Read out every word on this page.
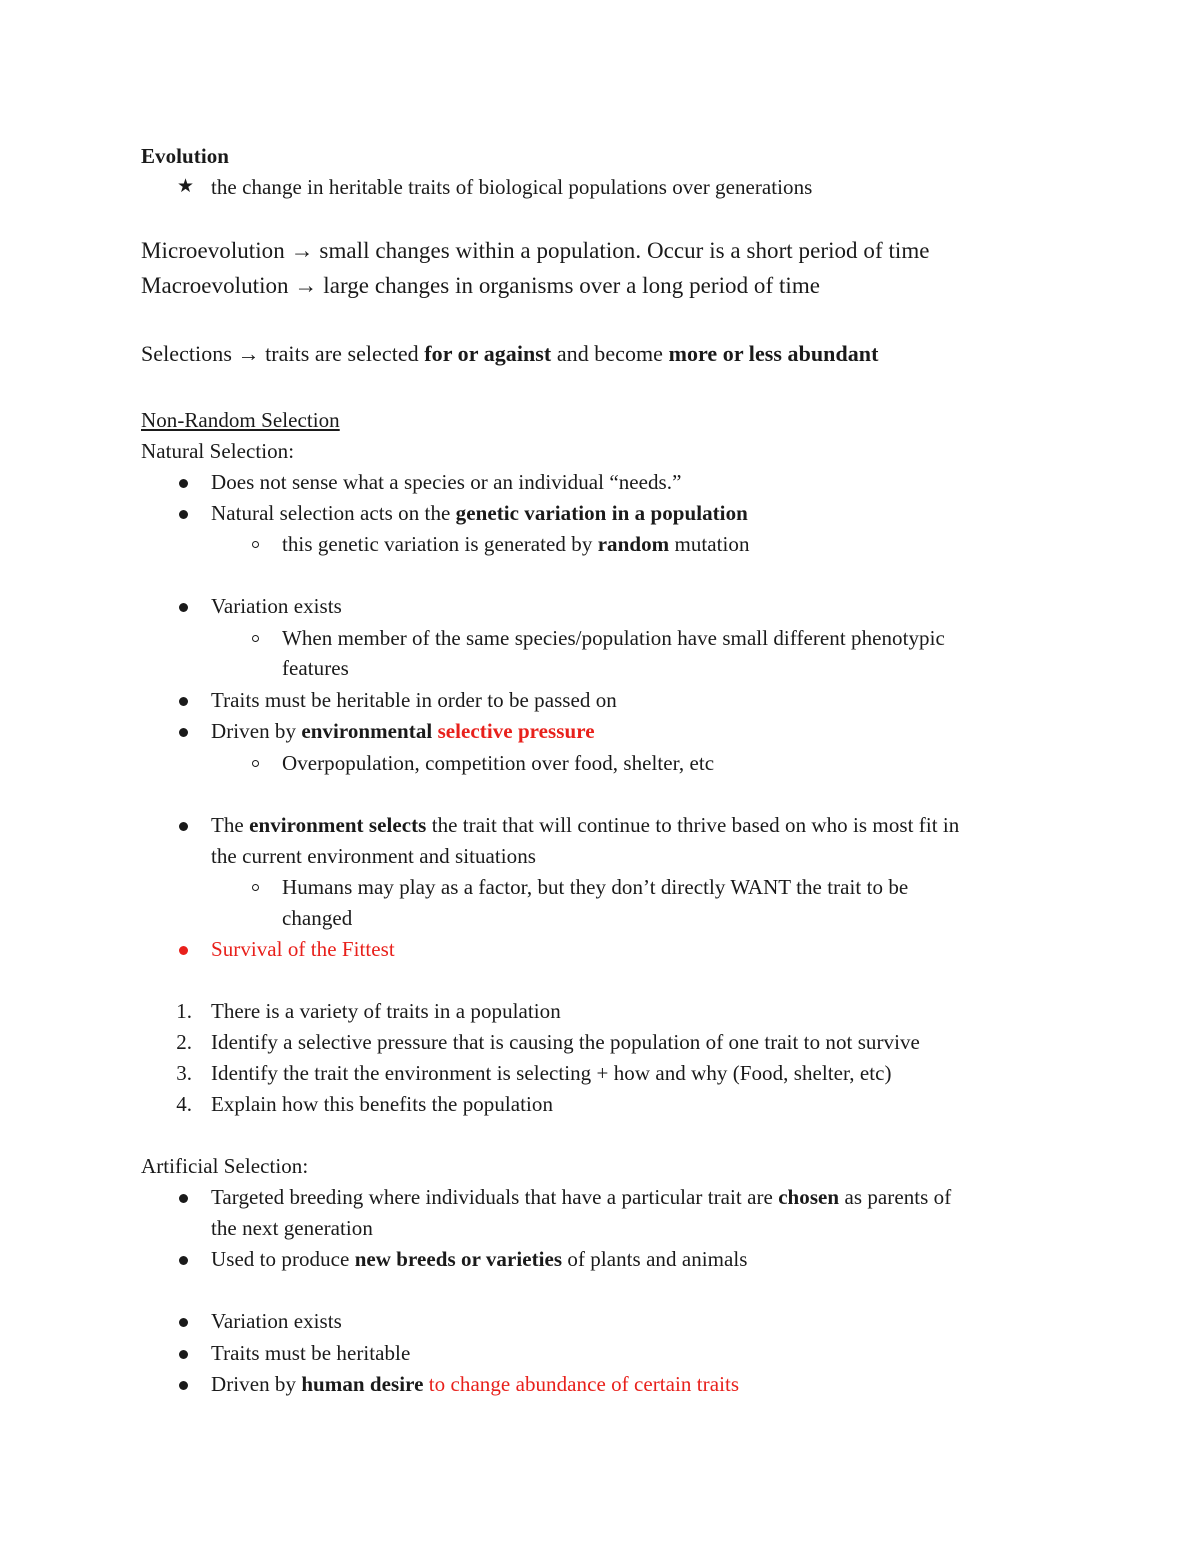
Evolution
★ the change in heritable traits of biological populations over generations
Microevolution → small changes within a population. Occur is a short period of time
Macroevolution → large changes in organisms over a long period of time
Selections → traits are selected for or against and become more or less abundant
Non-Random Selection
Natural Selection:
Does not sense what a species or an individual “needs.”
Natural selection acts on the genetic variation in a population
this genetic variation is generated by random mutation
Variation exists
When member of the same species/population have small different phenotypic
features
Traits must be heritable in order to be passed on
Driven by environmental selective pressure
Overpopulation, competition over food, shelter, etc
The environment selects the trait that will continue to thrive based on who is most fit in
the current environment and situations
Humans may play as a factor, but they don’t directly WANT the trait to be
changed
Survival of the Fittest
1. There is a variety of traits in a population
2. Identify a selective pressure that is causing the population of one trait to not survive
3. Identify the trait the environment is selecting + how and why (Food, shelter, etc)
4. Explain how this benefits the population
Artificial Selection:
Targeted breeding where individuals that have a particular trait are chosen as parents of
the next generation
Used to produce new breeds or varieties of plants and animals
Variation exists
Traits must be heritable
Driven by human desire to change abundance of certain traits
